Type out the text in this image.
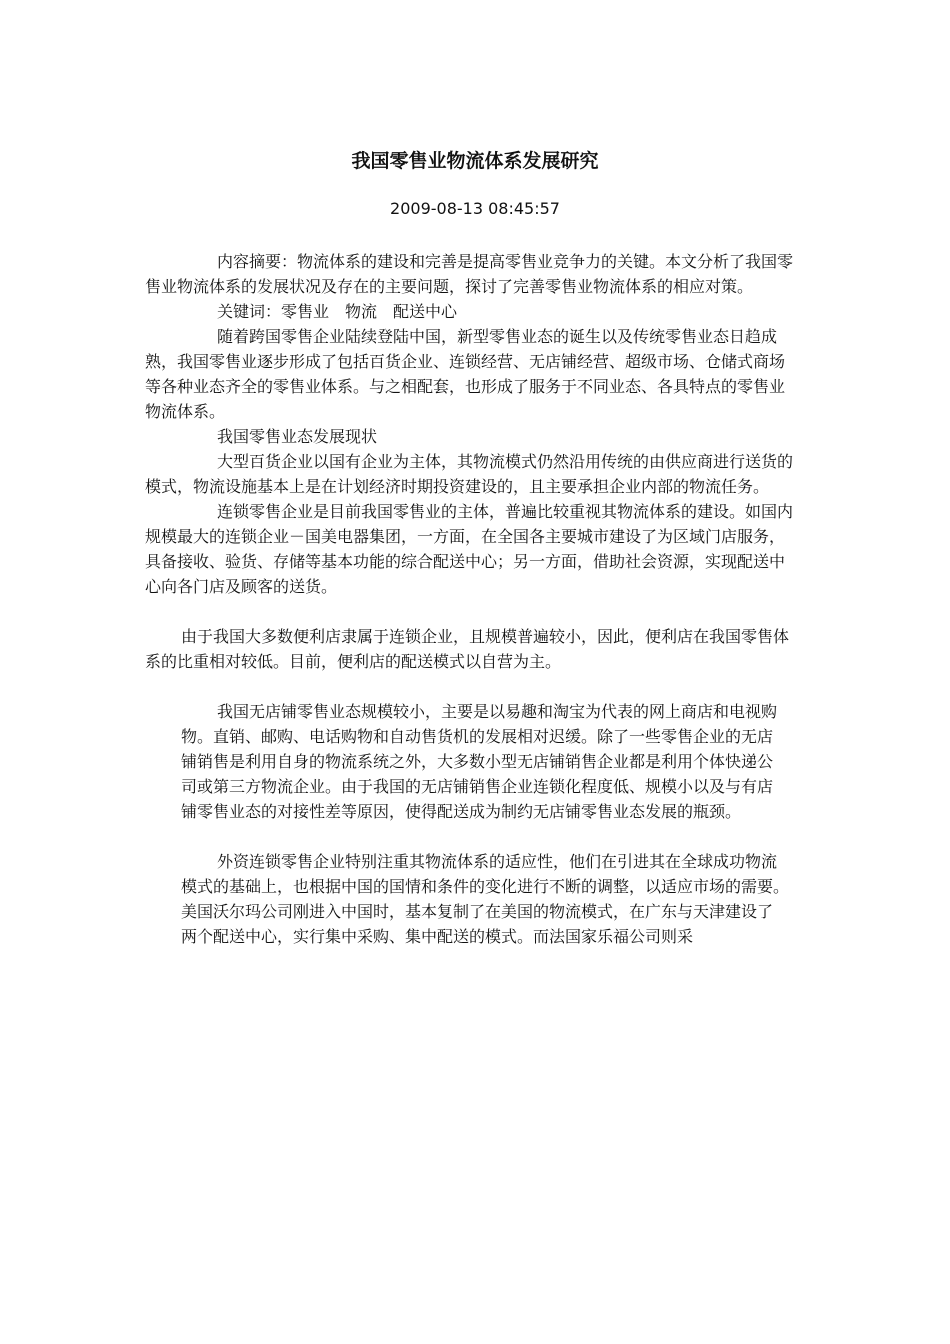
我国零售业物流体系发展研究
2009-08-13 08:45:57

内容摘要：物流体系的建设和完善是提高零售业竞争力的关键。本文分析了我国零售业物流体系的发展状况及存在的主要问题，探讨了完善零售业物流体系的相应对策。

关键词：零售业　物流　配送中心

随着跨国零售企业陆续登陆中国，新型零售业态的诞生以及传统零售业态日趋成熟，我国零售业逐步形成了包括百货企业、连锁经营、无店铺经营、超级市场、仓储式商场等各种业态齐全的零售业体系。与之相配套，也形成了服务于不同业态、各具特点的零售业物流体系。

我国零售业态发展现状

大型百货企业以国有企业为主体，其物流模式仍然沿用传统的由供应商进行送货的模式，物流设施基本上是在计划经济时期投资建设的，且主要承担企业内部的物流任务。

连锁零售企业是目前我国零售业的主体，普遍比较重视其物流体系的建设。如国内规模最大的连锁企业－国美电器集团，一方面，在全国各主要城市建设了为区域门店服务，具备接收、验货、存储等基本功能的综合配送中心；另一方面，借助社会资源，实现配送中心向各门店及顾客的送货。

由于我国大多数便利店隶属于连锁企业，且规模普遍较小，因此，便利店在我国零售体系的比重相对较低。目前，便利店的配送模式以自营为主。

我国无店铺零售业态规模较小，主要是以易趣和淘宝为代表的网上商店和电视购

物。直销、邮购、电话购物和自动售货机的发展相对迟缓。除了一些零售企业的无店

铺销售是利用自身的物流系统之外，大多数小型无店铺销售企业都是利用个体快递公

司或第三方物流企业。由于我国的无店铺销售企业连锁化程度低、规模小以及与有店

铺零售业态的对接性差等原因，使得配送成为制约无店铺零售业态发展的瓶颈。

外资连锁零售企业特别注重其物流体系的适应性，他们在引进其在全球成功物流

模式的基础上，也根据中国的国情和条件的变化进行不断的调整，以适应市场的需要。

美国沃尔玛公司刚进入中国时，基本复制了在美国的物流模式，在广东与天津建设了

两个配送中心，实行集中采购、集中配送的模式。而法国家乐福公司则采
